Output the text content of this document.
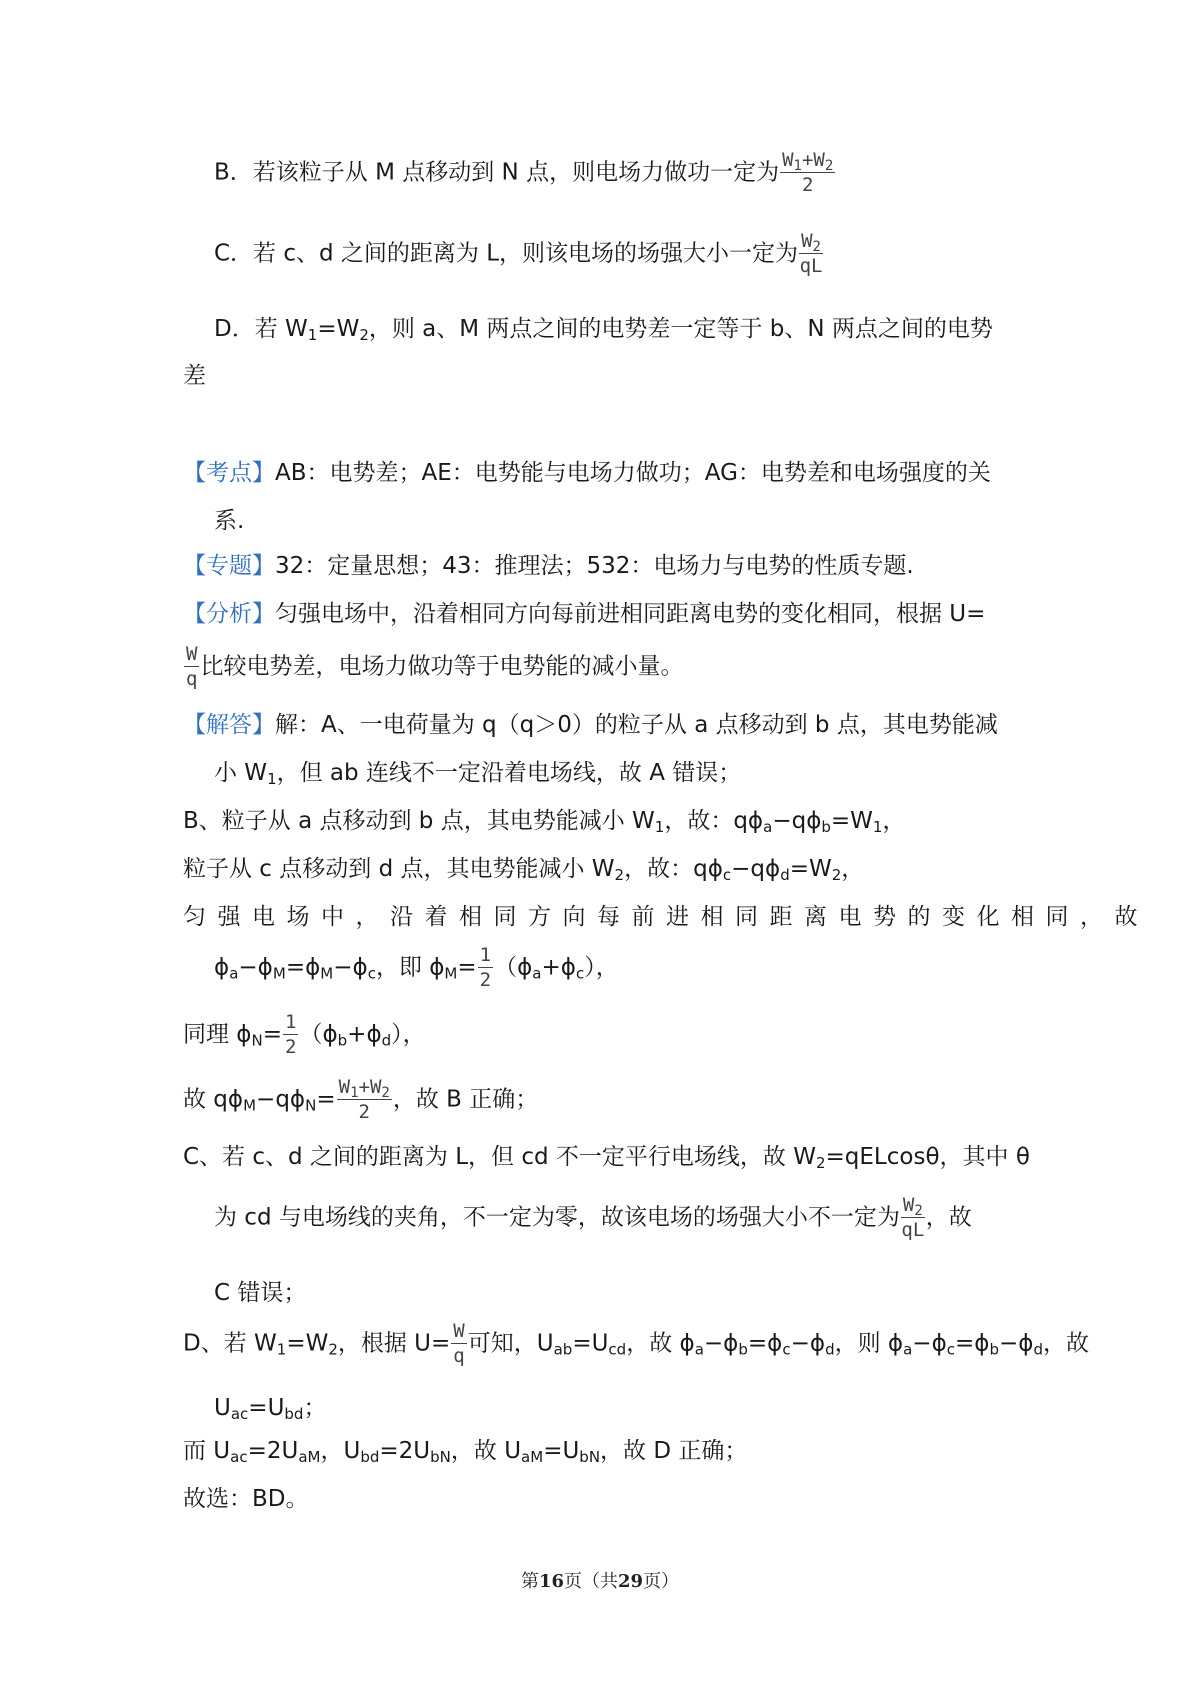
B．若该粒子从 M 点移动到 N 点，则电场力做功一定为 $\frac{W_1+W_2}{2}$
C．若 c、d 之间的距离为 L，则该电场的场强大小一定为 $\frac{W_2}{qL}$
D．若 $W_1=W_2$，则 a、M 两点之间的电势差一定等于 b、N 两点之间的电势
差
【考点】AB：电势差；AE：电势能与电场力做功；AG：电势差和电场强度的关
系.
【专题】32：定量思想；43：推理法；532：电场力与电势的性质专题.
【分析】匀强电场中，沿着相同方向每前进相同距离电势的变化相同，根据 U=
$\frac{W}{q}$ 比较电势差，电场力做功等于电势能的减小量。
【解答】解：A、一电荷量为 q（q＞0）的粒子从 a 点移动到 b 点，其电势能减
小 $W_1$，但 ab 连线不一定沿着电场线，故 A 错误；
B、粒子从 a 点移动到 b 点，其电势能减小 $W_1$，故：$q\phi_a-q\phi_b=W_1$，
粒子从 c 点移动到 d 点，其电势能减小 $W_2$，故：$q\phi_c-q\phi_d=W_2$，
匀强电场中，沿着相同方向每前进相同距离电势的变化相同，故
$\phi_a-\phi_M=\phi_M-\phi_c$，即 $\phi_M= \frac{1}{2} (\phi_a+\phi_c)$，
同理 $\phi_N= \frac{1}{2} (\phi_b+\phi_d)$，
故 $q\phi_M-q\phi_N= \frac{W_1+W_2}{2}$ ，故 B 正确；
C、若 c、d 之间的距离为 L，但 cd 不一定平行电场线，故 $W_2=qELcos\theta$，其中 θ
为 cd 与电场线的夹角，不一定为零，故该电场的场强大小不一定为 $\frac{W_2}{qL}$ ，故
C 错误；
D、若 $W_1=W_2$，根据 $U= \frac{W}{q}$ 可知，$U_{ab}=U_{cd}$，故 $\phi_a-\phi_b=\phi_c-\phi_d$，则 $\phi_a-\phi_c=\phi_b-\phi_d$，故
$U_{ac}=U_{bd}$；
而 $U_{ac}=2U_{aM}$，$U_{bd}=2U_{bN}$，故 $U_{aM}=U_{bN}$，故 D 正确；
故选：BD。
第16页（共29页）
